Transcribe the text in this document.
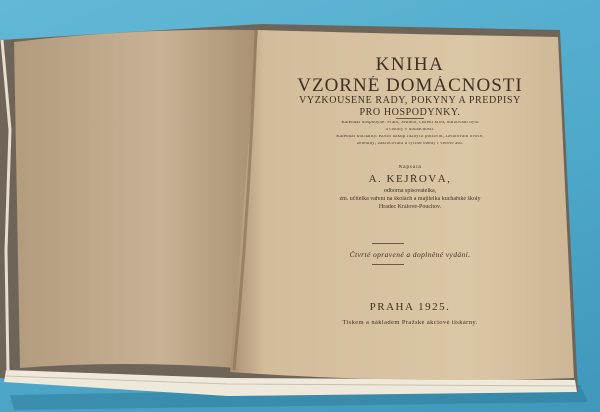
KNIHA

VZORNÉ DOMÁCNOSTI

VYZKOUŠENÉ RADY, POKYNY A PŘEDPISY

PRO HOSPODYŇKY.

Kalendář hospodyně. Praní, žehlení, čištění krbů, udržování bytu

a čistoty v domácnosti.

Kalendář kuchařky. Roční nákup různých potravin, zavařování ovoce,

zeleniny; zakrocování a rychlé obědy i večeře atd.

Napsala

A. KEJŘOVÁ,

odborná spisovatelka,

zm. učitelka vaření na školách a majitelka kuchařské školy

Hradec Králové-Pouchov.

Čtvrté opravené a doplněné vydání.

PRAHA 1925.

Tiskem a nákladem Pražské akciové tiskárny.
